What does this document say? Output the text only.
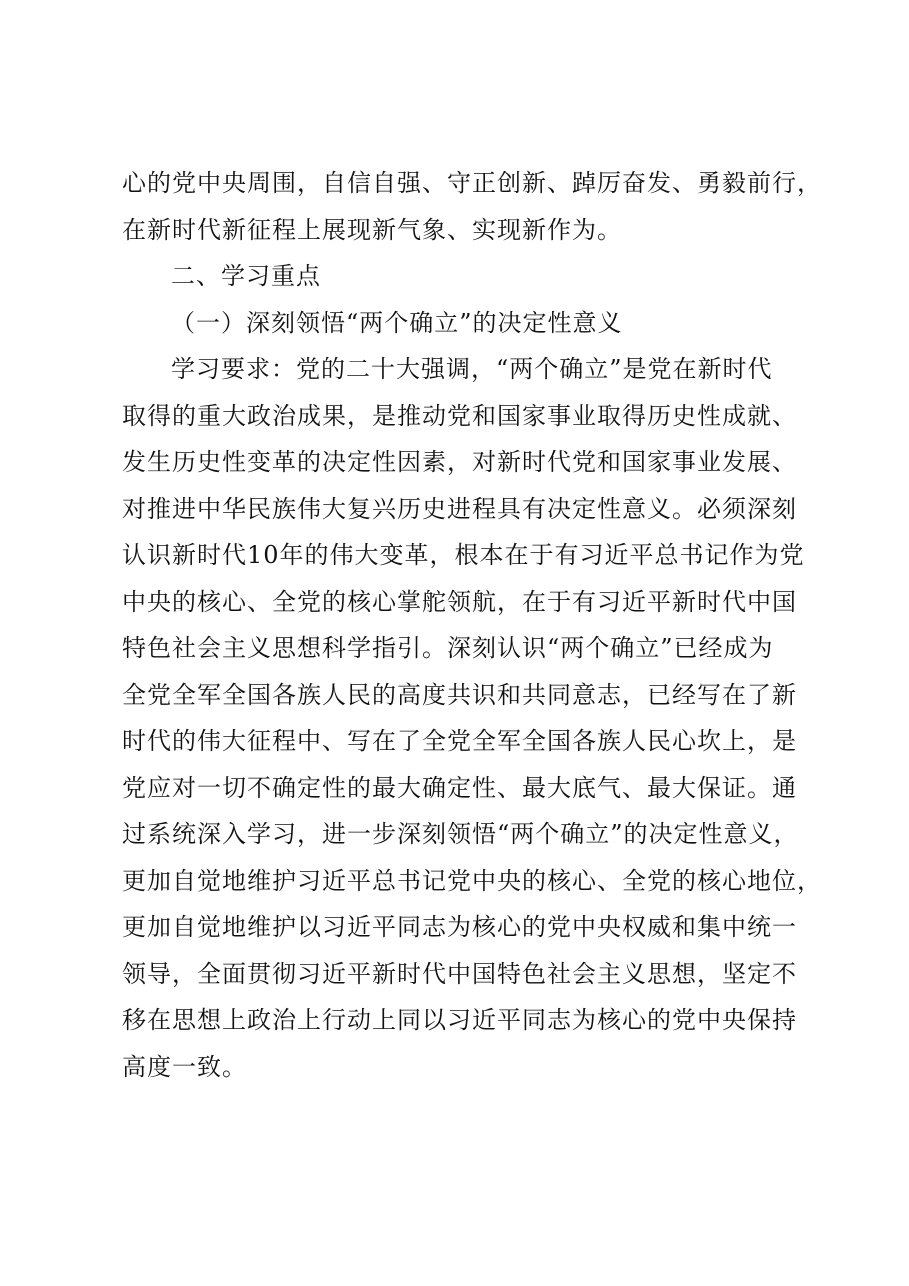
心的党中央周围，自信自强、守正创新、踔厉奋发、勇毅前行，
在新时代新征程上展现新气象、实现新作为。
二、学习重点
（一）深刻领悟“两个确立”的决定性意义
学习要求：党的二十大强调，“两个确立”是党在新时代
取得的重大政治成果，是推动党和国家事业取得历史性成就、
发生历史性变革的决定性因素，对新时代党和国家事业发展、
对推进中华民族伟大复兴历史进程具有决定性意义。必须深刻
认识新时代10年的伟大变革，根本在于有习近平总书记作为党
中央的核心、全党的核心掌舵领航，在于有习近平新时代中国
特色社会主义思想科学指引。深刻认识“两个确立”已经成为
全党全军全国各族人民的高度共识和共同意志，已经写在了新
时代的伟大征程中、写在了全党全军全国各族人民心坎上，是
党应对一切不确定性的最大确定性、最大底气、最大保证。通
过系统深入学习，进一步深刻领悟“两个确立”的决定性意义，
更加自觉地维护习近平总书记党中央的核心、全党的核心地位，
更加自觉地维护以习近平同志为核心的党中央权威和集中统一
领导，全面贯彻习近平新时代中国特色社会主义思想，坚定不
移在思想上政治上行动上同以习近平同志为核心的党中央保持
高度一致。
